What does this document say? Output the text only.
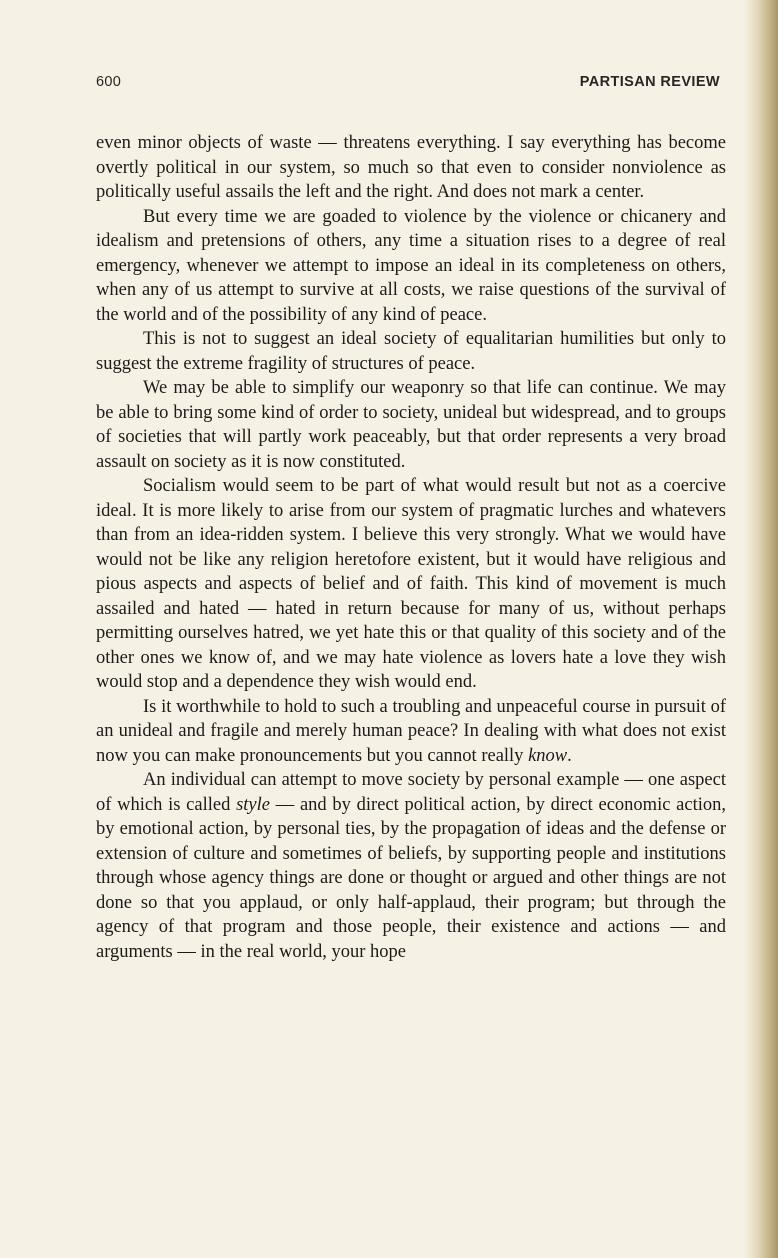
600	PARTISAN REVIEW

even minor objects of waste — threatens everything. I say everything has become overtly political in our system, so much so that even to consider nonviolence as politically useful assails the left and the right. And does not mark a center.

But every time we are goaded to violence by the violence or chicanery and idealism and pretensions of others, any time a situation rises to a degree of real emergency, whenever we attempt to impose an ideal in its completeness on others, when any of us attempt to survive at all costs, we raise questions of the survival of the world and of the possibility of any kind of peace.

This is not to suggest an ideal society of equalitarian humilities but only to suggest the extreme fragility of structures of peace.

We may be able to simplify our weaponry so that life can continue. We may be able to bring some kind of order to society, unideal but widespread, and to groups of societies that will partly work peaceably, but that order represents a very broad assault on society as it is now constituted.

Socialism would seem to be part of what would result but not as a coercive ideal. It is more likely to arise from our system of pragmatic lurches and whatevers than from an idea-ridden system. I believe this very strongly. What we would have would not be like any religion heretofore existent, but it would have religious and pious aspects and aspects of belief and of faith. This kind of movement is much assailed and hated — hated in return because for many of us, without perhaps permitting ourselves hatred, we yet hate this or that quality of this society and of the other ones we know of, and we may hate violence as lovers hate a love they wish would stop and a dependence they wish would end.

Is it worthwhile to hold to such a troubling and unpeaceful course in pursuit of an unideal and fragile and merely human peace? In dealing with what does not exist now you can make pronouncements but you cannot really know.

An individual can attempt to move society by personal example — one aspect of which is called style — and by direct political action, by direct economic action, by emotional action, by personal ties, by the propagation of ideas and the defense or extension of culture and sometimes of beliefs, by supporting people and institutions through whose agency things are done or thought or argued and other things are not done so that you applaud, or only half-applaud, their program; but through the agency of that program and those people, their existence and actions — and arguments — in the real world, your hope
